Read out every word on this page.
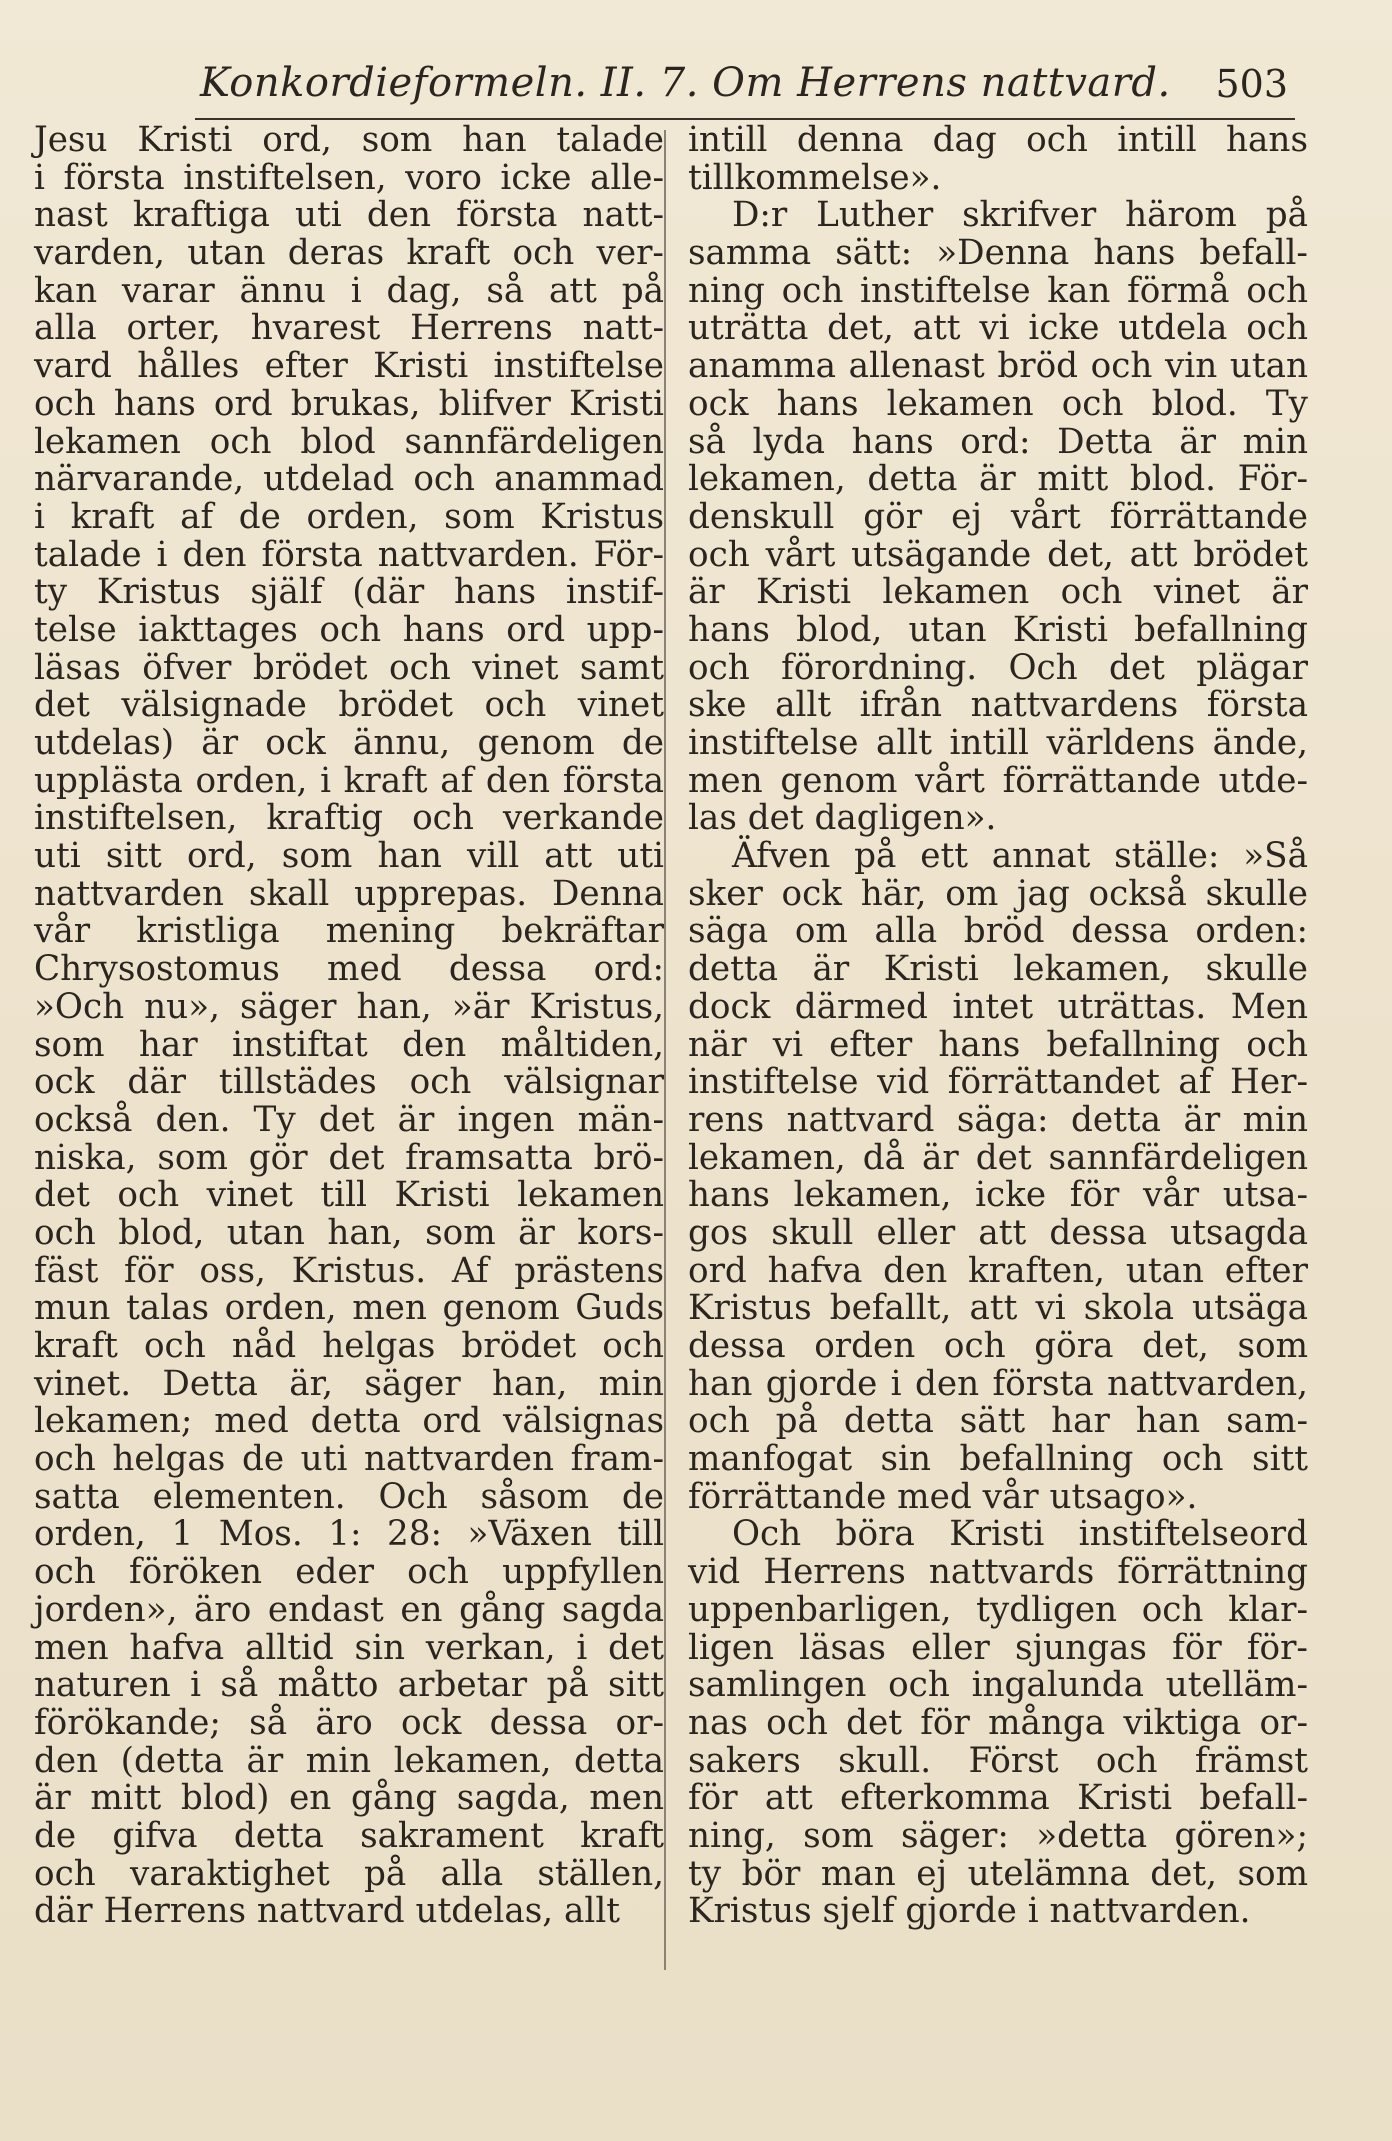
Konkordieformeln. II. 7. Om Herrens nattvard. 503
Jesu Kristi ord, som han talade
i första instiftelsen, voro icke alle-
nast kraftiga uti den första natt-
varden, utan deras kraft och ver-
kan varar ännu i dag, så att på
alla orter, hvarest Herrens natt-
vard hålles efter Kristi instiftelse
och hans ord brukas, blifver Kristi
lekamen och blod sannfärdeligen
närvarande, utdelad och anammad
i kraft af de orden, som Kristus
talade i den första nattvarden. För-
ty Kristus själf (där hans instif-
telse iakttages och hans ord upp-
läsas öfver brödet och vinet samt
det välsignade brödet och vinet
utdelas) är ock ännu, genom de
upplästa orden, i kraft af den första
instiftelsen, kraftig och verkande
uti sitt ord, som han vill att uti
nattvarden skall upprepas. Denna
vår kristliga mening bekräftar
Chrysostomus med dessa ord:
»Och nu», säger han, »är Kristus,
som har instiftat den måltiden,
ock där tillstädes och välsignar
också den. Ty det är ingen män-
niska, som gör det framsatta brö-
det och vinet till Kristi lekamen
och blod, utan han, som är kors-
fäst för oss, Kristus. Af prästens
mun talas orden, men genom Guds
kraft och nåd helgas brödet och
vinet. Detta är, säger han, min
lekamen; med detta ord välsignas
och helgas de uti nattvarden fram-
satta elementen. Och såsom de
orden, 1 Mos. 1: 28: »Växen till
och föröken eder och uppfyllen
jorden», äro endast en gång sagda
men hafva alltid sin verkan, i det
naturen i så måtto arbetar på sitt
förökande; så äro ock dessa or-
den (detta är min lekamen, detta
är mitt blod) en gång sagda, men
de gifva detta sakrament kraft
och varaktighet på alla ställen,
där Herrens nattvard utdelas, allt
intill denna dag och intill hans
tillkommelse».
D:r Luther skrifver härom på
samma sätt: »Denna hans befall-
ning och instiftelse kan förmå och
uträtta det, att vi icke utdela och
anamma allenast bröd och vin utan
ock hans lekamen och blod. Ty
så lyda hans ord: Detta är min
lekamen, detta är mitt blod. För-
denskull gör ej vårt förrättande
och vårt utsägande det, att brödet
är Kristi lekamen och vinet är
hans blod, utan Kristi befallning
och förordning. Och det plägar
ske allt ifrån nattvardens första
instiftelse allt intill världens ände,
men genom vårt förrättande utde-
las det dagligen».
Äfven på ett annat ställe: »Så
sker ock här, om jag också skulle
säga om alla bröd dessa orden:
detta är Kristi lekamen, skulle
dock därmed intet uträttas. Men
när vi efter hans befallning och
instiftelse vid förrättandet af Her-
rens nattvard säga: detta är min
lekamen, då är det sannfärdeligen
hans lekamen, icke för vår utsa-
gos skull eller att dessa utsagda
ord hafva den kraften, utan efter
Kristus befallt, att vi skola utsäga
dessa orden och göra det, som
han gjorde i den första nattvarden,
och på detta sätt har han sam-
manfogat sin befallning och sitt
förrättande med vår utsago».
Och böra Kristi instiftelseord
vid Herrens nattvards förrättning
uppenbarligen, tydligen och klar-
ligen läsas eller sjungas för för-
samlingen och ingalunda utelläm-
nas och det för många viktiga or-
sakers skull. Först och främst
för att efterkomma Kristi befall-
ning, som säger: »detta gören»;
ty bör man ej utelämna det, som
Kristus sjelf gjorde i nattvarden.
